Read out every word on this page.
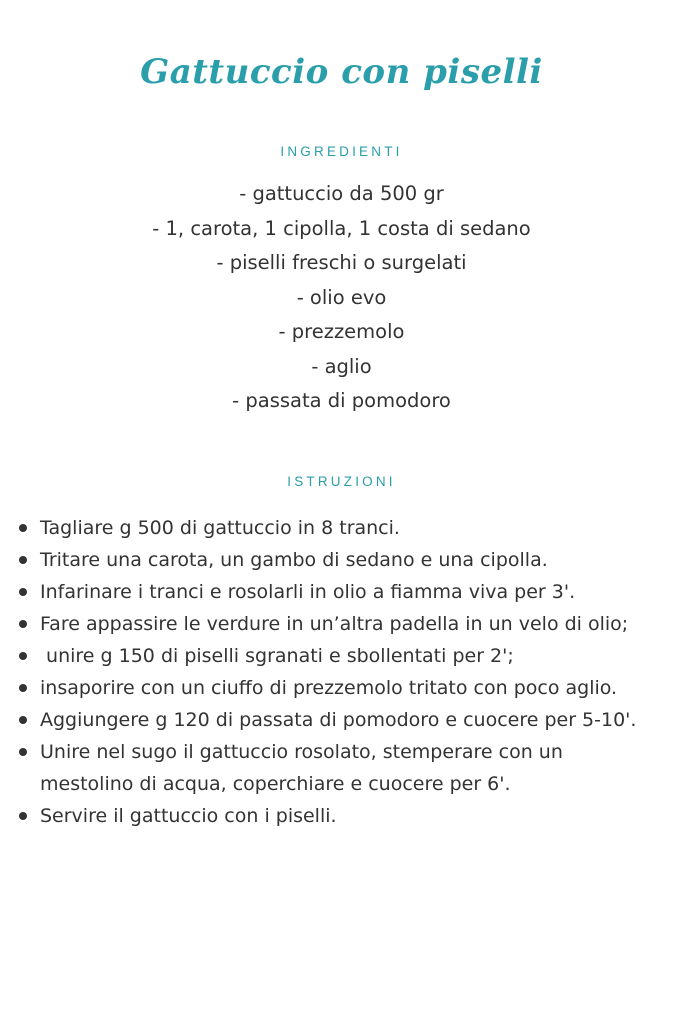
Gattuccio con piselli
INGREDIENTI
- gattuccio da 500 gr
- 1, carota, 1 cipolla, 1 costa di sedano
- piselli freschi o surgelati
- olio evo
- prezzemolo
- aglio
- passata di pomodoro
ISTRUZIONI
Tagliare g 500 di gattuccio in 8 tranci.
Tritare una carota, un gambo di sedano e una cipolla.
Infarinare i tranci e rosolarli in olio a fiamma viva per 3'.
Fare appassire le verdure in un’altra padella in un velo di olio;
unire g 150 di piselli sgranati e sbollentati per 2';
insaporire con un ciuffo di prezzemolo tritato con poco aglio.
Aggiungere g 120 di passata di pomodoro e cuocere per 5-10'.
Unire nel sugo il gattuccio rosolato, stemperare con un mestolino di acqua, coperchiare e cuocere per 6'.
Servire il gattuccio con i piselli.
